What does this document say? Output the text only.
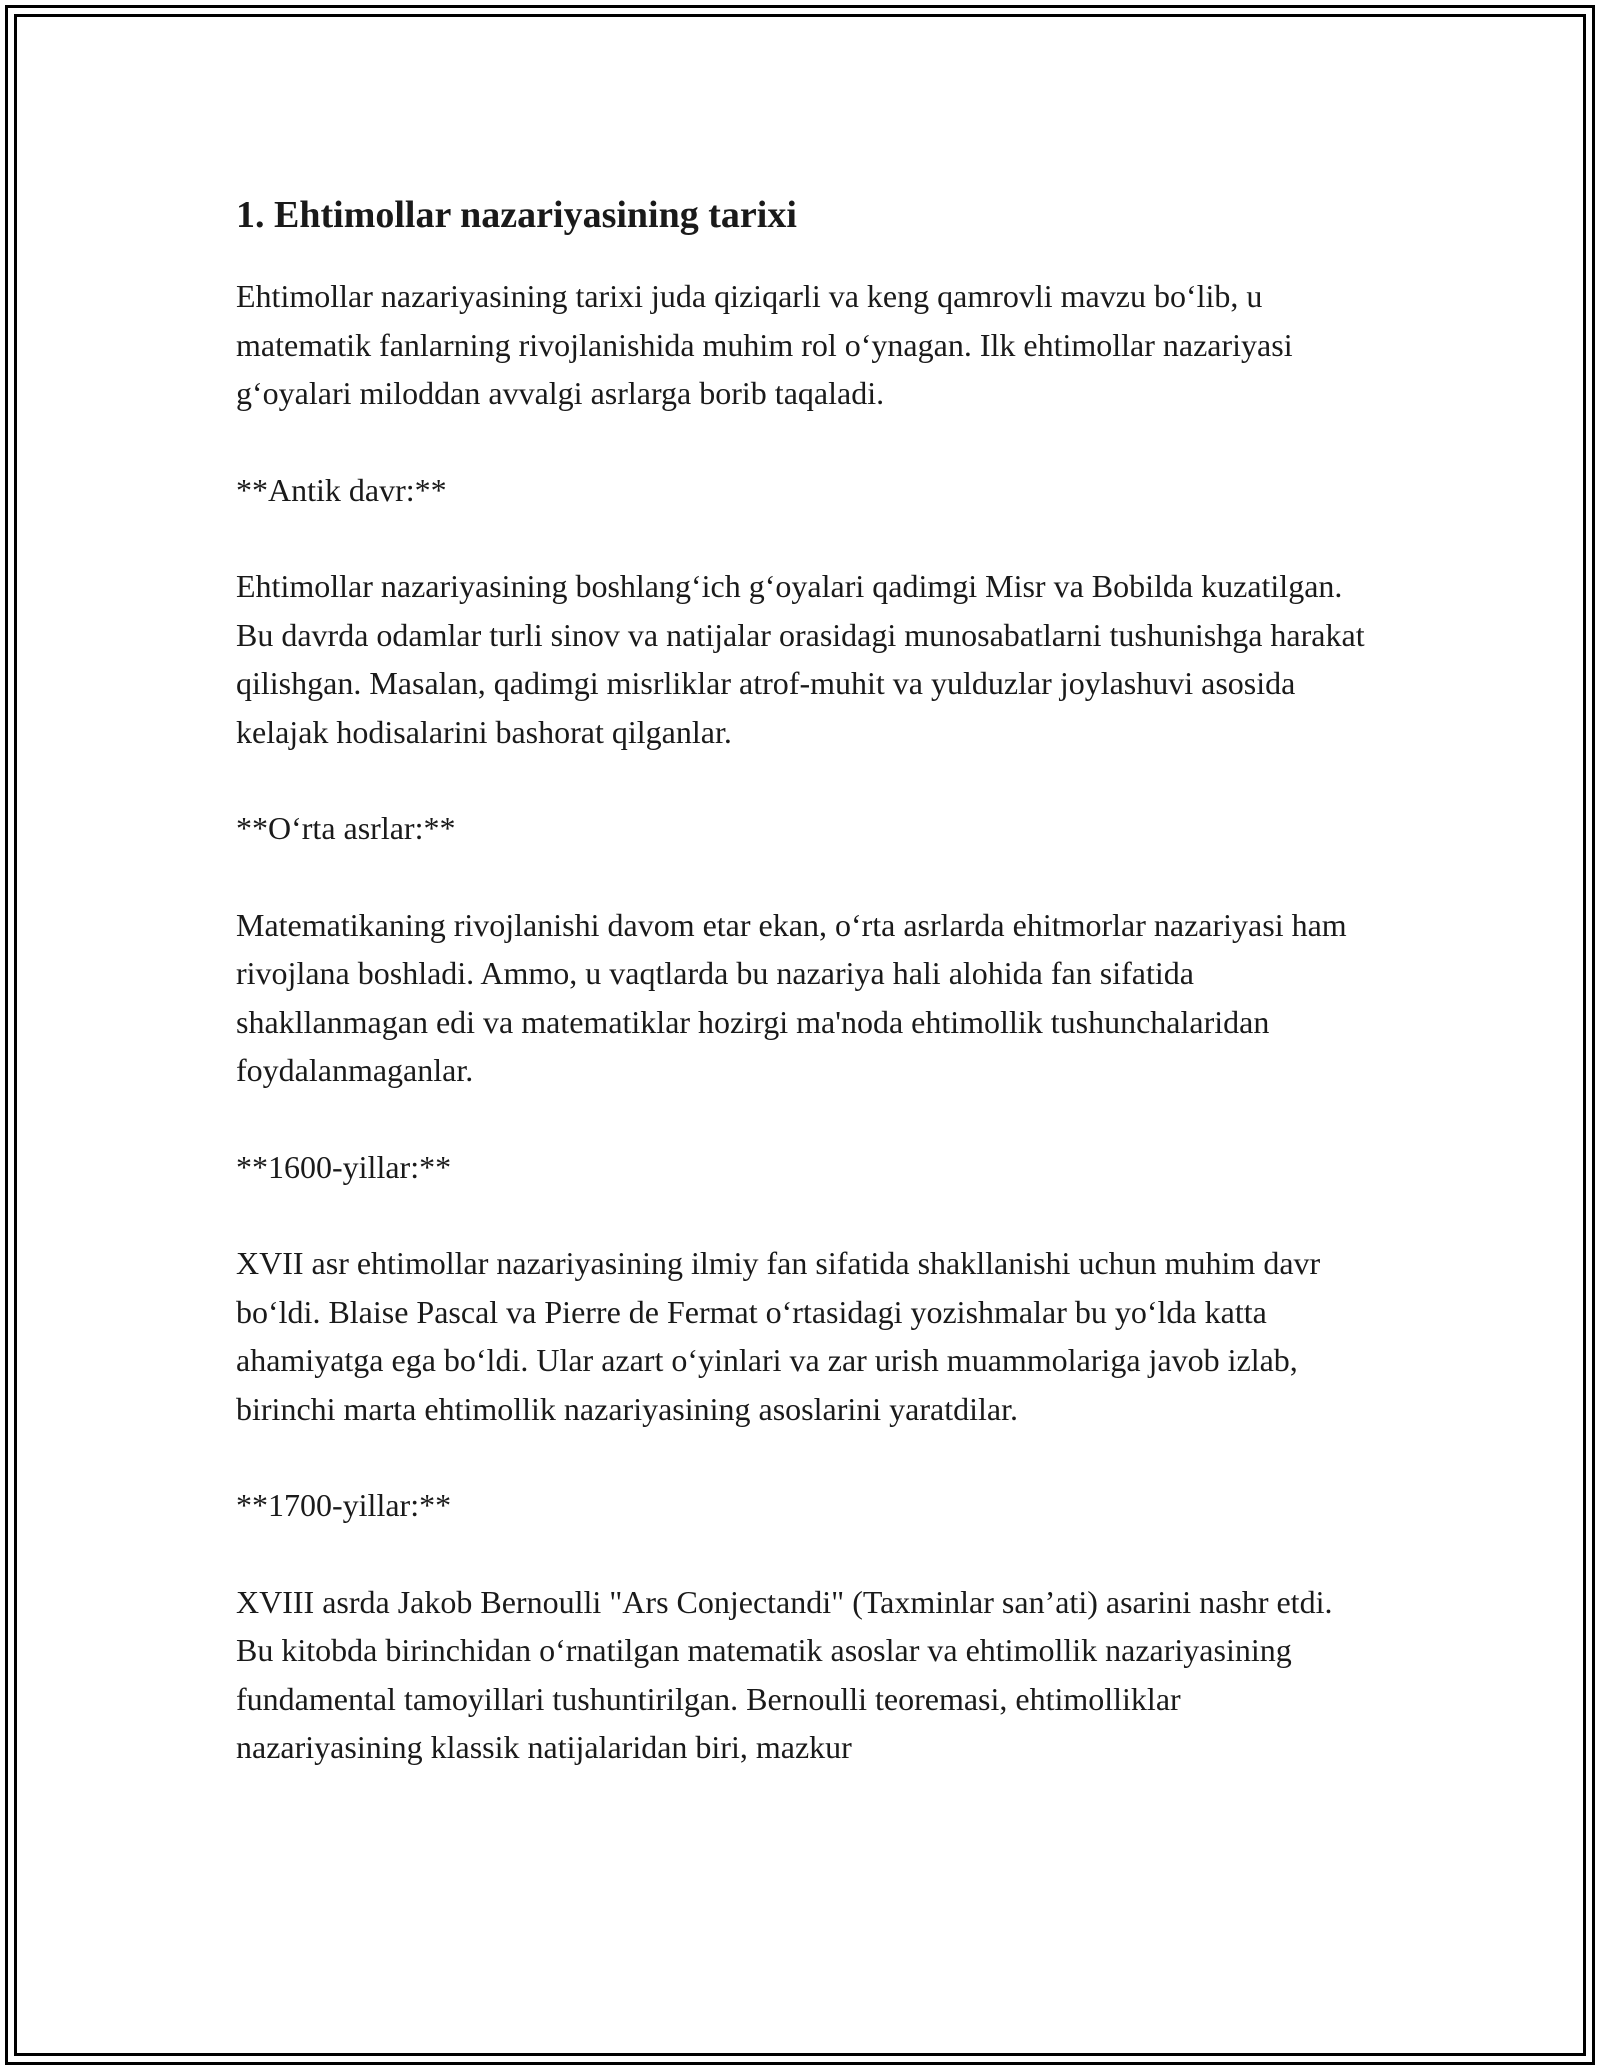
1. Ehtimollar nazariyasining tarixi

Ehtimollar nazariyasining tarixi juda qiziqarli va keng qamrovli mavzu bo‘lib, u matematik fanlarning rivojlanishida muhim rol o‘ynagan. Ilk ehtimollar nazariyasi g‘oyalari miloddan avvalgi asrlarga borib taqaladi.

**Antik davr:**

Ehtimollar nazariyasining boshlang‘ich g‘oyalari qadimgi Misr va Bobilda kuzatilgan. Bu davrda odamlar turli sinov va natijalar orasidagi munosabatlarni tushunishga harakat qilishgan. Masalan, qadimgi misrliklar atrof-muhit va yulduzlar joylashuvi asosida kelajak hodisalarini bashorat qilganlar.

**O‘rta asrlar:**

Matematikaning rivojlanishi davom etar ekan, o‘rta asrlarda ehitmorlar nazariyasi ham rivojlana boshladi. Ammo, u vaqtlarda bu nazariya hali alohida fan sifatida shakllanmagan edi va matematiklar hozirgi ma'noda ehtimollik tushunchalaridan foydalanmaganlar.

**1600-yillar:**

XVII asr ehtimollar nazariyasining ilmiy fan sifatida shakllanishi uchun muhim davr bo‘ldi. Blaise Pascal va Pierre de Fermat o‘rtasidagi yozishmalar bu yo‘lda katta ahamiyatga ega bo‘ldi. Ular azart o‘yinlari va zar urish muammolariga javob izlab, birinchi marta ehtimollik nazariyasining asoslarini yaratdilar.

**1700-yillar:**

XVIII asrda Jakob Bernoulli "Ars Conjectandi" (Taxminlar san’ati) asarini nashr etdi. Bu kitobda birinchidan o‘rnatilgan matematik asoslar va ehtimollik nazariyasining fundamental tamoyillari tushuntirilgan. Bernoulli teoremasi, ehtimolliklar nazariyasining klassik natijalaridan biri, mazkur
